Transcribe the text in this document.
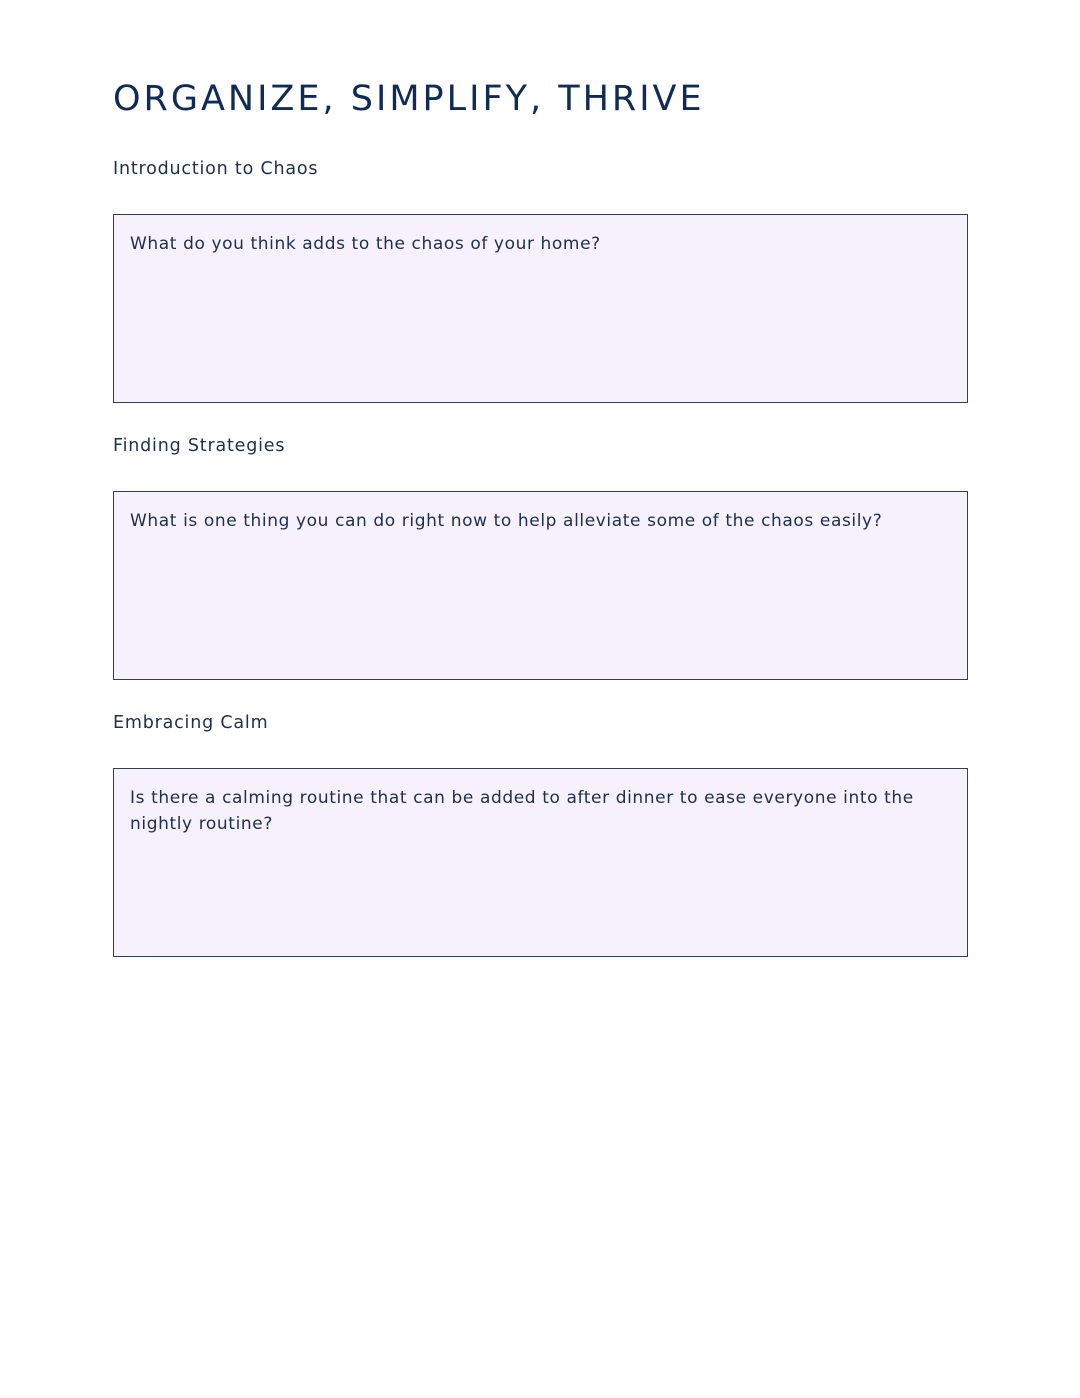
ORGANIZE, SIMPLIFY, THRIVE
Introduction to Chaos
What do you think adds to the chaos of your home?
Finding Strategies
What is one thing you can do right now to help alleviate some of the chaos easily?
Embracing Calm
Is there a calming routine that can be added to after dinner to ease everyone into the nightly routine?
